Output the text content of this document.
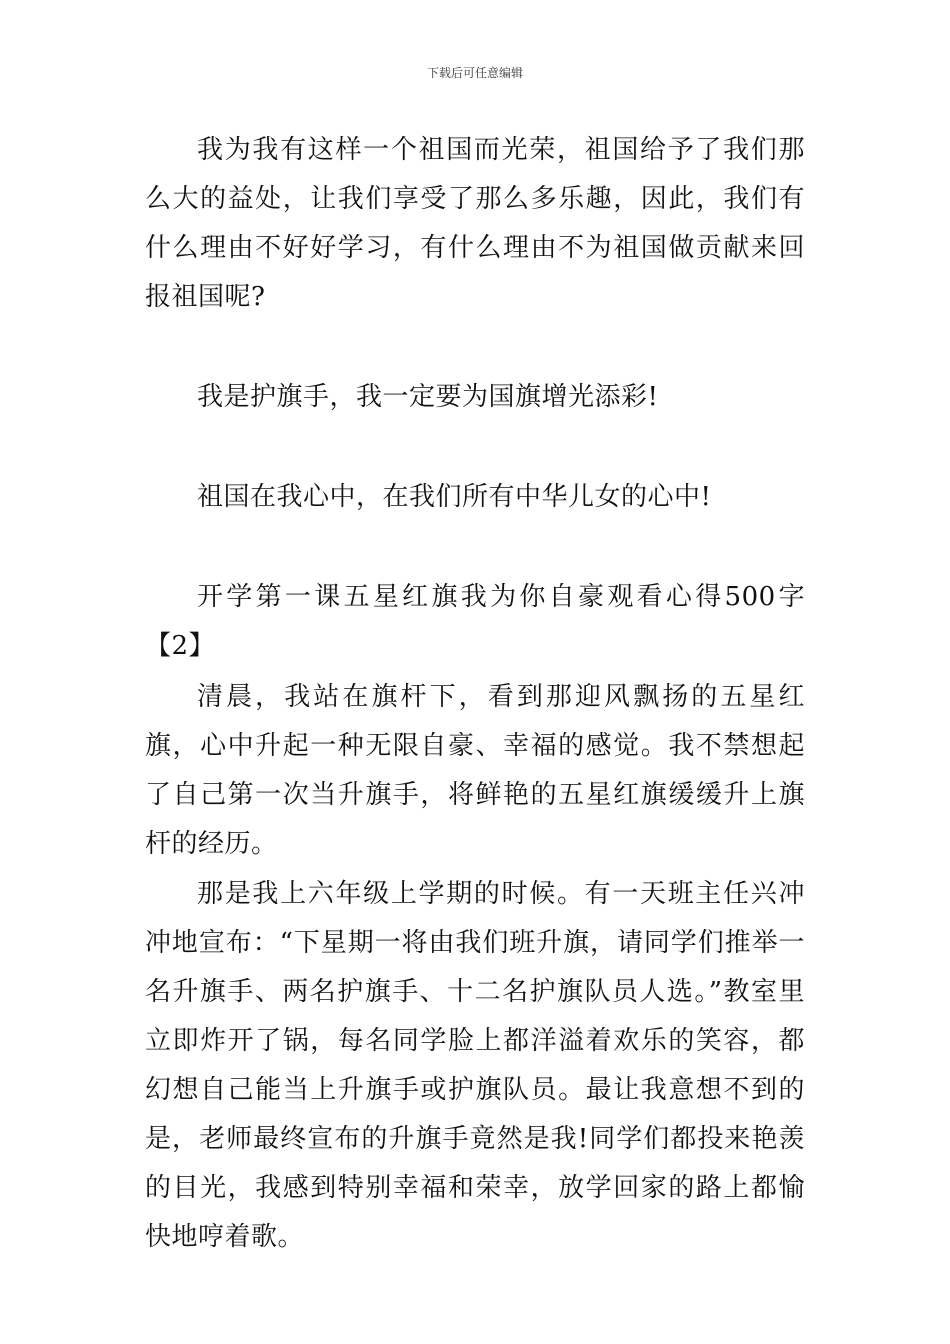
下载后可任意编辑

我为我有这样一个祖国而光荣，祖国给予了我们那么大的益处，让我们享受了那么多乐趣，因此，我们有什么理由不好好学习，有什么理由不为祖国做贡献来回报祖国呢?

我是护旗手，我一定要为国旗增光添彩!

祖国在我心中，在我们所有中华儿女的心中!

开学第一课五星红旗我为你自豪观看心得500字【2】

清晨，我站在旗杆下，看到那迎风飘扬的五星红旗，心中升起一种无限自豪、幸福的感觉。我不禁想起了自己第一次当升旗手，将鲜艳的五星红旗缓缓升上旗杆的经历。

那是我上六年级上学期的时候。有一天班主任兴冲冲地宣布：“下星期一将由我们班升旗，请同学们推举一名升旗手、两名护旗手、十二名护旗队员人选。”教室里立即炸开了锅，每名同学脸上都洋溢着欢乐的笑容，都幻想自己能当上升旗手或护旗队员。最让我意想不到的是，老师最终宣布的升旗手竟然是我!同学们都投来艳羡的目光，我感到特别幸福和荣幸，放学回家的路上都愉快地哼着歌。
